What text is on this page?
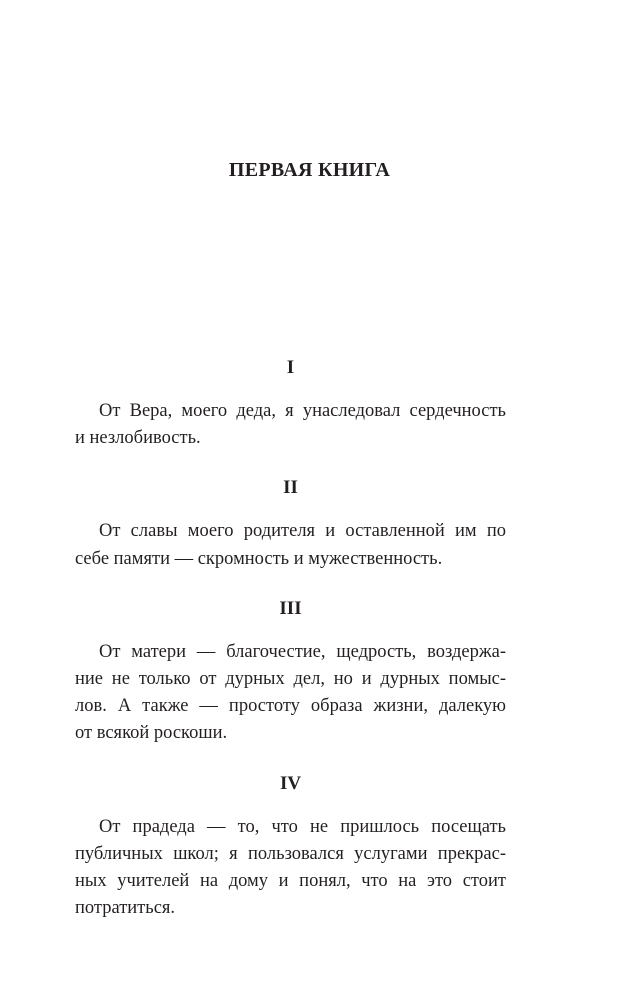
ПЕРВАЯ КНИГА
I
От Вера, моего деда, я унаследовал сердечность
и незлобивость.
II
От славы моего родителя и оставленной им по
себе памяти — скромность и мужественность.
III
От матери — благочестие, щедрость, воздержа-
ние не только от дурных дел, но и дурных помыс-
лов. А также — простоту образа жизни, далекую
от всякой роскоши.
IV
От прадеда — то, что не пришлось посещать
публичных школ; я пользовался услугами прекрас-
ных учителей на дому и понял, что на это стоит
потратиться.
